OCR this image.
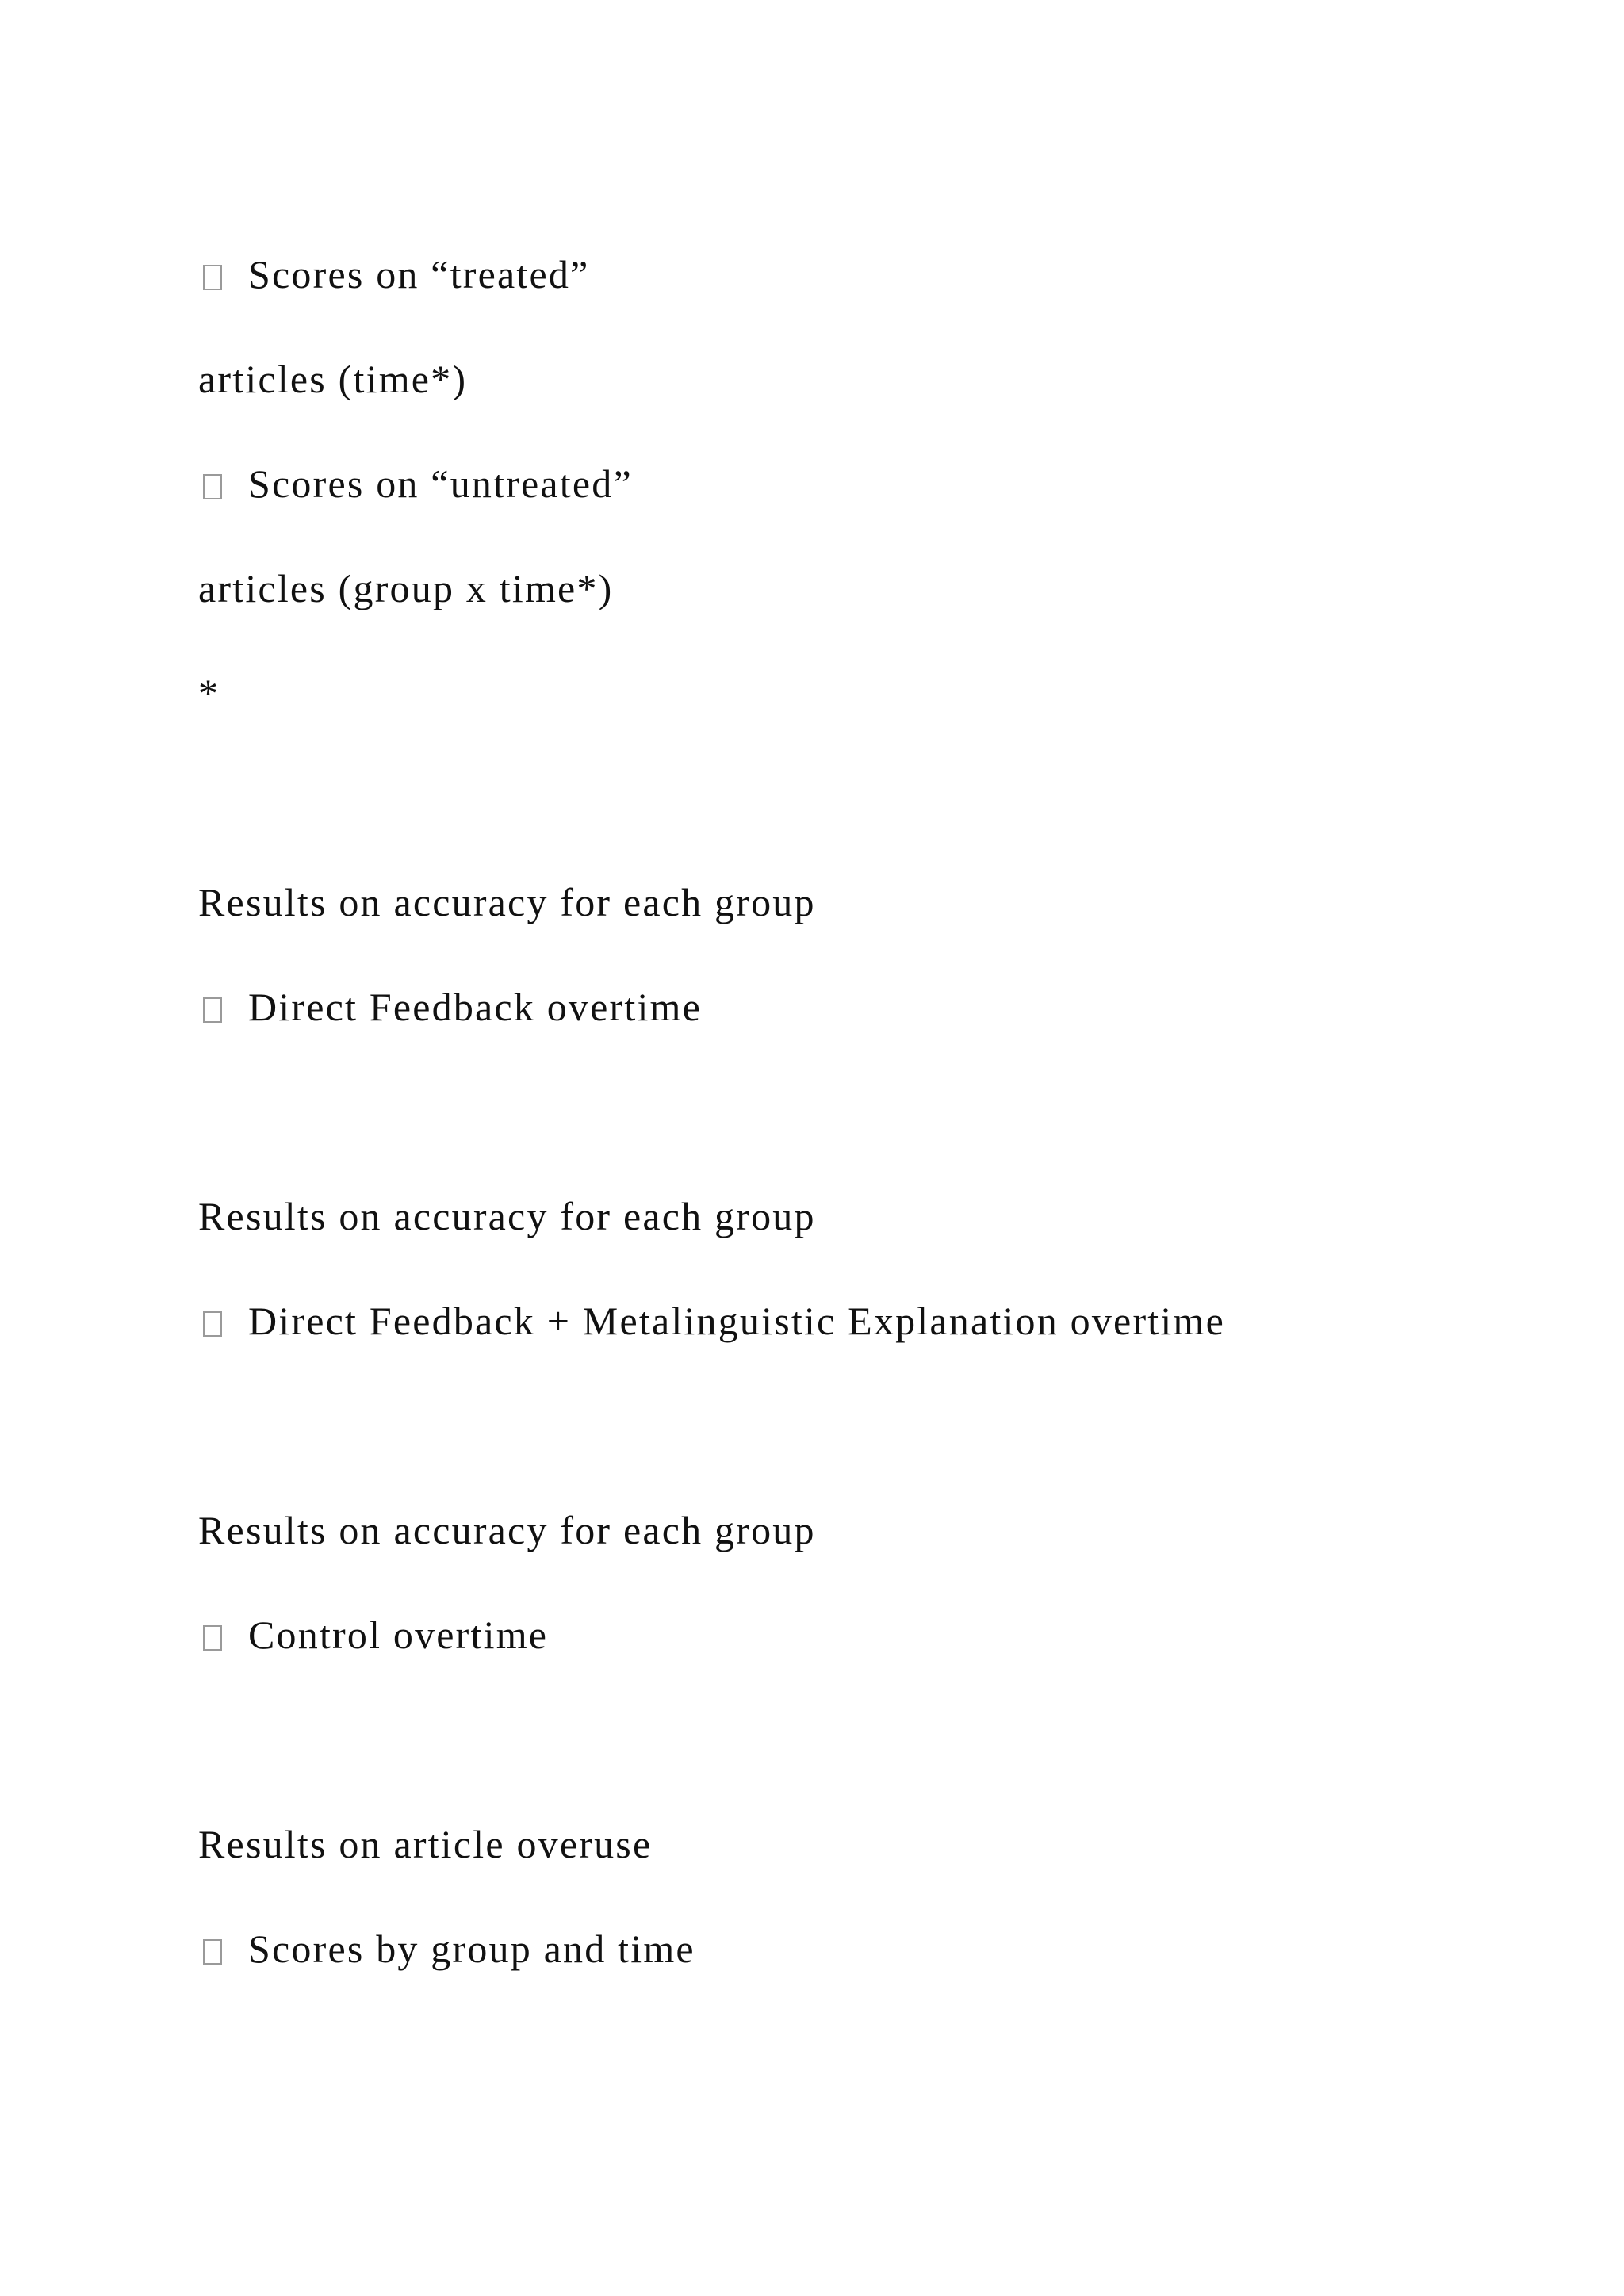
Scores on “treated”
articles (time*)
Scores on “untreated”
articles (group x time*)
*
Results on accuracy for each group
Direct Feedback overtime
Results on accuracy for each group
Direct Feedback + Metalinguistic Explanation overtime
Results on accuracy for each group
Control overtime
Results on article overuse
Scores by group and time
